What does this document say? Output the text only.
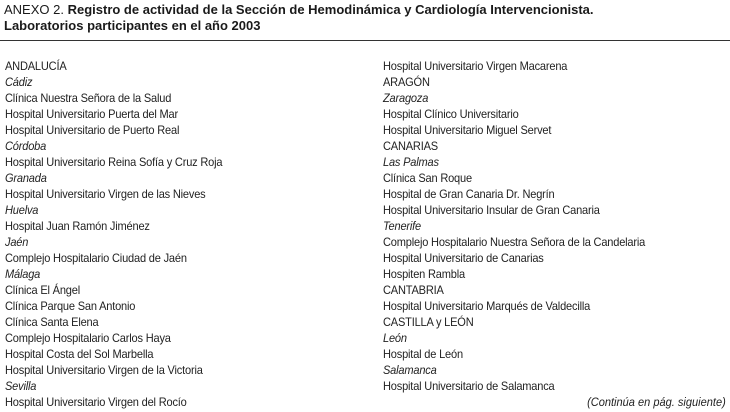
ANEXO 2. Registro de actividad de la Sección de Hemodinámica y Cardiología Intervencionista.
Laboratorios participantes en el año 2003
ANDALUCÍA
Cádiz
Clínica Nuestra Señora de la Salud
Hospital Universitario Puerta del Mar
Hospital Universitario de Puerto Real
Córdoba
Hospital Universitario Reina Sofía y Cruz Roja
Granada
Hospital Universitario Virgen de las Nieves
Huelva
Hospital Juan Ramón Jiménez
Jaén
Complejo Hospitalario Ciudad de Jaén
Málaga
Clínica El Ángel
Clínica Parque San Antonio
Clínica Santa Elena
Complejo Hospitalario Carlos Haya
Hospital Costa del Sol Marbella
Hospital Universitario Virgen de la Victoria
Sevilla
Hospital Universitario Virgen del Rocío
Hospital Universitario Virgen Macarena
ARAGÓN
Zaragoza
Hospital Clínico Universitario
Hospital Universitario Miguel Servet
CANARIAS
Las Palmas
Clínica San Roque
Hospital de Gran Canaria Dr. Negrín
Hospital Universitario Insular de Gran Canaria
Tenerife
Complejo Hospitalario Nuestra Señora de la Candelaria
Hospital Universitario de Canarias
Hospiten Rambla
CANTABRIA
Hospital Universitario Marqués de Valdecilla
CASTILLA y LEÓN
León
Hospital de León
Salamanca
Hospital Universitario de Salamanca
(Continúa en pág. siguiente)
